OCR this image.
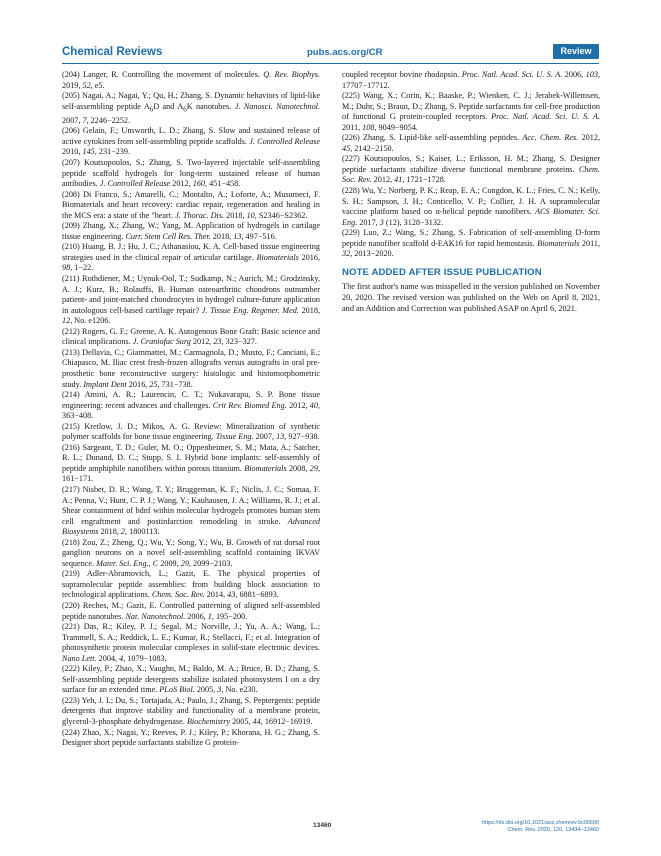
Chemical Reviews	pubs.acs.org/CR	Review

(204) Langer, R. Controlling the movement of molecules. Q. Rev. Biophys. 2019, 52, e5.

(205) Nagai, A.; Nagai, Y.; Qu, H.; Zhang, S. Dynamic behaviors of lipid-like self-assembling peptide $A_6D$ and $A_6K$ nanotubes. J. Nanosci. Nanotechnol. 2007, 7, 2246−2252.

(206) Gelain, F.; Unsworth, L. D.; Zhang, S. Slow and sustained release of active cytokines from self-assembling peptide scaffolds. J. Controlled Release 2010, 145, 231−239.

(207) Koutsopoulos, S.; Zhang, S. Two-layered injectable self-assembling peptide scaffold hydrogels for long-term sustained release of human antibodies. J. Controlled Release 2012, 160, 451−458.

(208) Di Franco, S.; Amarelli, C.; Montalto, A.; Loforte, A.; Musumeci, F. Biomaterials and heart recovery: cardiac repair, regeneration and healing in the MCS era: a state of the "heart. J. Thorac. Dis. 2018, 10, S2346−S2362.

(209) Zhang, X.; Zhang, W.; Yang, M. Application of hydrogels in cartilage tissue engineering. Curr. Stem Cell Res. Ther. 2018, 13, 497−516.

(210) Huang, B. J.; Hu, J. C.; Athanasiou, K. A. Cell-based tissue engineering strategies used in the clinical repair of articular cartilage. Biomaterials 2016, 98, 1−22.

(211) Rothdiener, M.; Uynuk-Ool, T.; Sudkamp, N.; Aurich, M.; Grodzinsky, A. J.; Kurz, B.; Rolauffs, B. Human osteoarthritic chondrons outnumber patient- and joint-matched chondrocytes in hydrogel culture-future application in autologous cell-based cartilage repair? J. Tissue Eng. Regener. Med. 2018, 12, No. e1206.

(212) Rogers, G. F.; Greene, A. K. Autogenous Bone Graft: Basic science and clinical implications. J. Craniofac Surg 2012, 23, 323−327.

(213) Dellavia, C.; Giammattei, M.; Carmagnola, D.; Musto, F.; Canciani, E.; Chiapasco, M. Iliac crest fresh-frozen allografts versus autografts in oral pre-prosthetic bone reconstructive surgery: histologic and histomorphometric study. Implant Dent 2016, 25, 731−738.

(214) Amini, A. R.; Laurencin, C. T.; Nukavarapu, S. P. Bone tissue engineering: recent advances and challenges. Crit Rev. Biomed Eng. 2012, 40, 363−408.

(215) Kretlow, J. D.; Mikos, A. G. Review: Mineralization of synthetic polymer scaffolds for bone tissue engineering. Tissue Eng. 2007, 13, 927−938.

(216) Sargeant, T. D.; Guler, M. O.; Oppenheimer, S. M.; Mata, A.; Satcher, R. L.; Dunand, D. C.; Stupp, S. I. Hybrid bone implants: self-assembly of peptide amphiphile nanofibers within porous titanium. Biomaterials 2008, 29, 161−171.

(217) Nisbet, D. R.; Wang, T. Y.; Bruggeman, K. F.; Niclis, J. C.; Somaa, F. A.; Penna, V.; Hunt, C. P. J.; Wang, Y.; Kauhausen, J. A.; Williams, R. J.; et al. Shear containment of bdnf within molecular hydrogels promotes human stem cell engraftment and postinfarction remodeling in stroke. Advanced Biosystems 2018, 2, 1800113.

(218) Zou, Z.; Zheng, Q.; Wu, Y.; Song, Y.; Wu, B. Growth of rat dorsal root ganglion neurons on a novel self-assembling scaffold containing IKVAV sequence. Mater. Sci. Eng., C 2009, 29, 2099−2103.

(219) Adler-Abramovich, L.; Gazit, E. The physical properties of supramolecular peptide assemblies: from building block association to technological applications. Chem. Soc. Rev. 2014, 43, 6881−6893.

(220) Reches, M.; Gazit, E. Controlled patterning of aligned self-assembled peptide nanotubes. Nat. Nanotechnol. 2006, 1, 195−200.

(221) Das, R.; Kiley, P. J.; Segal, M.; Norville, J.; Yu, A. A.; Wang, L.; Trammell, S. A.; Reddick, L. E.; Kumar, R.; Stellacci, F.; et al. Integration of photosynthetic protein molecular complexes in solid-state electronic devices. Nano Lett. 2004, 4, 1079−1083.

(222) Kiley, P.; Zhao, X.; Vaughn, M.; Baldo, M. A.; Bruce, B. D.; Zhang, S. Self-assembling peptide detergents stabilize isolated photosystem I on a dry surface for an extended time. PLoS Biol. 2005, 3, No. e230.

(223) Yeh, J. I.; Du, S.; Tortajada, A.; Paulo, J.; Zhang, S. Peptergents: peptide detergents that improve stability and functionality of a membrane protein, glycerol-3-phosphate dehydrogenase. Biochemistry 2005, 44, 16912−16919.

(224) Zhao, X.; Nagai, Y.; Reeves, P. J.; Kiley, P.; Khorana, H. G.; Zhang, S. Designer short peptide surfactants stabilize G protein-

coupled receptor bovine rhodopsin. Proc. Natl. Acad. Sci. U. S. A. 2006, 103, 17707−17712.

(225) Wang, X.; Corin, K.; Baaske, P.; Wienken, C. J.; Jerabek-Willemsen, M.; Duhr, S.; Braun, D.; Zhang, S. Peptide surfactants for cell-free production of functional G protein-coupled receptors. Proc. Natl. Acad. Sci. U. S. A. 2011, 108, 9049−9054.

(226) Zhang, S. Lipid-like self-assembling peptides. Acc. Chem. Res. 2012, 45, 2142−2150.

(227) Koutsopoulos, S.; Kaiser, L.; Eriksson, H. M.; Zhang, S. Designer peptide surfactants stabilize diverse functional membrane proteins. Chem. Soc. Rev. 2012, 41, 1721−1728.

(228) Wu, Y.; Norberg, P. K.; Reap, E. A.; Congdon, K. L.; Fries, C. N.; Kelly, S. H.; Sampson, J. H.; Conticello, V. P.; Collier, J. H. A supramolecular vaccine platform based on α-helical peptide nanofibers. ACS Biomater. Sci. Eng. 2017, 3 (12), 3128−3132.

(229) Luo, Z.; Wang, S.; Zhang, S. Fabrication of self-assembling D-form peptide nanofiber scaffold d-EAK16 for rapid hemostasis. Biomaterials 2011, 32, 2013−2020.

NOTE ADDED AFTER ISSUE PUBLICATION

The first author's name was misspelled in the version published on November 20, 2020. The revised version was published on the Web on April 8, 2021, and an Addition and Correction was published ASAP on April 6, 2021.

13460	https://dx.doi.org/10.1021/acs.chemrev.0c00690
Chem. Rev. 2020, 120, 13434−13460
